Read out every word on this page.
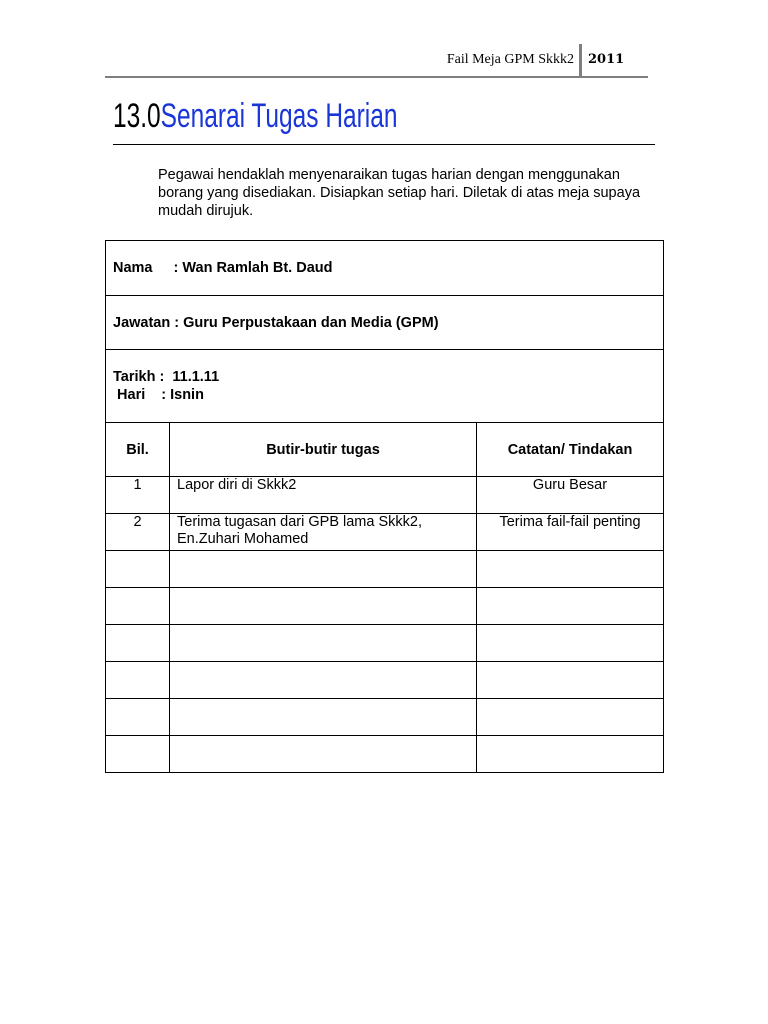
Fail Meja GPM Skkk2 2011
13.0Senarai Tugas Harian
Pegawai hendaklah menyenaraikan tugas harian dengan menggunakan borang yang disediakan. Disiapkan setiap hari. Diletak di atas meja supaya mudah dirujuk.
Nama : Wan Ramlah Bt. Daud		
Jawatan : Guru Perpustakaan dan Media (GPM)		

Tarikh : 11.1.11
Hari : Isnin		

Bil.	Butir-butir tugas	Catatan/ Tindakan
1	Lapor diri di Skkk2	Guru Besar
2	Terima tugasan dari GPB lama Skkk2, En.Zuhari Mohamed	Terima fail-fail penting
